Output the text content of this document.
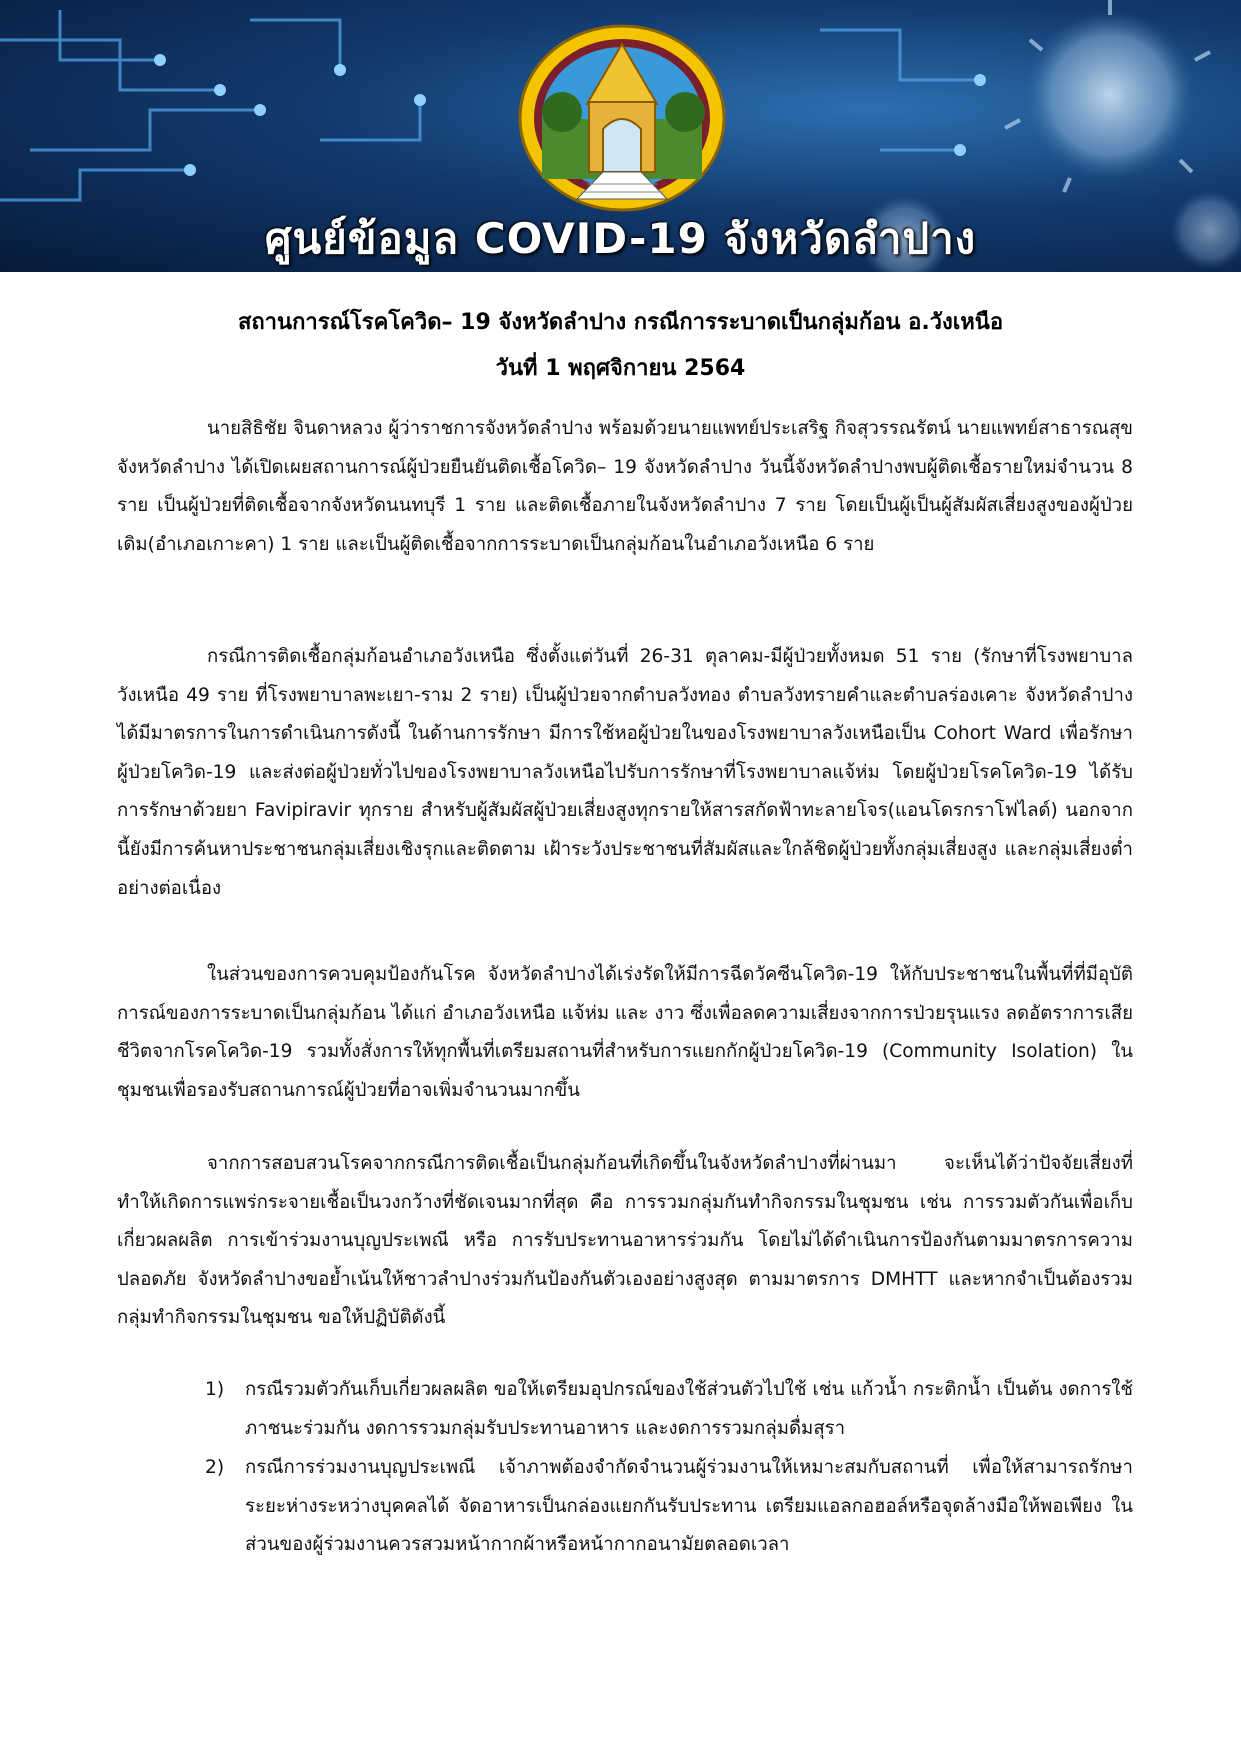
ศูนย์ข้อมูล COVID-19 จังหวัดลำปาง
สถานการณ์โรคโควิด– 19 จังหวัดลำปาง กรณีการระบาดเป็นกลุ่มก้อน อ.วังเหนือ
วันที่ 1 พฤศจิกายน 2564

นายสิธิชัย จินดาหลวง ผู้ว่าราชการจังหวัดลำปาง พร้อมด้วยนายแพทย์ประเสริฐ กิจสุวรรณรัตน์ นายแพทย์สาธารณสุขจังหวัดลำปาง ได้เปิดเผยสถานการณ์ผู้ป่วยยืนยันติดเชื้อโควิด– 19 จังหวัดลำปาง วันนี้จังหวัดลำปางพบผู้ติดเชื้อรายใหม่จำนวน 8 ราย เป็นผู้ป่วยที่ติดเชื้อจากจังหวัดนนทบุรี 1 ราย และติดเชื้อภายในจังหวัดลำปาง 7 ราย โดยเป็นผู้เป็นผู้สัมผัสเสี่ยงสูงของผู้ป่วยเดิม(อำเภอเกาะคา) 1 ราย และเป็นผู้ติดเชื้อจากการระบาดเป็นกลุ่มก้อนในอำเภอวังเหนือ 6 ราย

กรณีการติดเชื้อกลุ่มก้อนอำเภอวังเหนือ ซึ่งตั้งแต่วันที่ 26-31 ตุลาคม-มีผู้ป่วยทั้งหมด 51 ราย (รักษาที่โรงพยาบาลวังเหนือ 49 ราย ที่โรงพยาบาลพะเยา-ราม 2 ราย) เป็นผู้ป่วยจากตำบลวังทอง ตำบลวังทรายคำและตำบลร่องเคาะ จังหวัดลำปางได้มีมาตรการในการดำเนินการดังนี้ ในด้านการรักษา มีการใช้หอผู้ป่วยในของโรงพยาบาลวังเหนือเป็น Cohort Ward เพื่อรักษาผู้ป่วยโควิด-19 และส่งต่อผู้ป่วยทั่วไปของโรงพยาบาลวังเหนือไปรับการรักษาที่โรงพยาบาลแจ้ห่ม โดยผู้ป่วยโรคโควิด-19 ได้รับการรักษาด้วยยา Favipiravir ทุกราย สำหรับผู้สัมผัสผู้ป่วยเสี่ยงสูงทุกรายให้สารสกัดฟ้าทะลายโจร(แอนโดรกราโฟไลด์) นอกจากนี้ยังมีการค้นหาประชาชนกลุ่มเสี่ยงเชิงรุกและติดตาม เฝ้าระวังประชาชนที่สัมผัสและใกล้ชิดผู้ป่วยทั้งกลุ่มเสี่ยงสูง และกลุ่มเสี่ยงต่ำอย่างต่อเนื่อง

ในส่วนของการควบคุมป้องกันโรค จังหวัดลำปางได้เร่งรัดให้มีการฉีดวัคซีนโควิด-19 ให้กับประชาชนในพื้นที่ที่มีอุบัติการณ์ของการระบาดเป็นกลุ่มก้อน ได้แก่ อำเภอวังเหนือ แจ้ห่ม และ งาว ซึ่งเพื่อลดความเสี่ยงจากการป่วยรุนแรง ลดอัตราการเสียชีวิตจากโรคโควิด-19 รวมทั้งสั่งการให้ทุกพื้นที่เตรียมสถานที่สำหรับการแยกกักผู้ป่วยโควิด-19 (Community Isolation) ในชุมชนเพื่อรองรับสถานการณ์ผู้ป่วยที่อาจเพิ่มจำนวนมากขึ้น

จากการสอบสวนโรคจากกรณีการติดเชื้อเป็นกลุ่มก้อนที่เกิดขึ้นในจังหวัดลำปางที่ผ่านมา จะเห็นได้ว่าปัจจัยเสี่ยงที่ทำให้เกิดการแพร่กระจายเชื้อเป็นวงกว้างที่ชัดเจนมากที่สุด คือ การรวมกลุ่มกันทำกิจกรรมในชุมชน เช่น การรวมตัวกันเพื่อเก็บเกี่ยวผลผลิต การเข้าร่วมงานบุญประเพณี หรือ การรับประทานอาหารร่วมกัน โดยไม่ได้ดำเนินการป้องกันตามมาตรการความปลอดภัย จังหวัดลำปางขอย้ำเน้นให้ชาวลำปางร่วมกันป้องกันตัวเองอย่างสูงสุด ตามมาตรการ DMHTT และหากจำเป็นต้องรวมกลุ่มทำกิจกรรมในชุมชน ขอให้ปฏิบัติดังนี้

1) กรณีรวมตัวกันเก็บเกี่ยวผลผลิต ขอให้เตรียมอุปกรณ์ของใช้ส่วนตัวไปใช้ เช่น แก้วน้ำ กระติกน้ำ เป็นต้น งดการใช้ภาชนะร่วมกัน งดการรวมกลุ่มรับประทานอาหาร และงดการรวมกลุ่มดื่มสุรา
2) กรณีการร่วมงานบุญประเพณี เจ้าภาพต้องจำกัดจำนวนผู้ร่วมงานให้เหมาะสมกับสถานที่ เพื่อให้สามารถรักษาระยะห่างระหว่างบุคคลได้ จัดอาหารเป็นกล่องแยกกันรับประทาน เตรียมแอลกอฮอล์หรือจุดล้างมือให้พอเพียง ในส่วนของผู้ร่วมงานควรสวมหน้ากากผ้าหรือหน้ากากอนามัยตลอดเวลา
